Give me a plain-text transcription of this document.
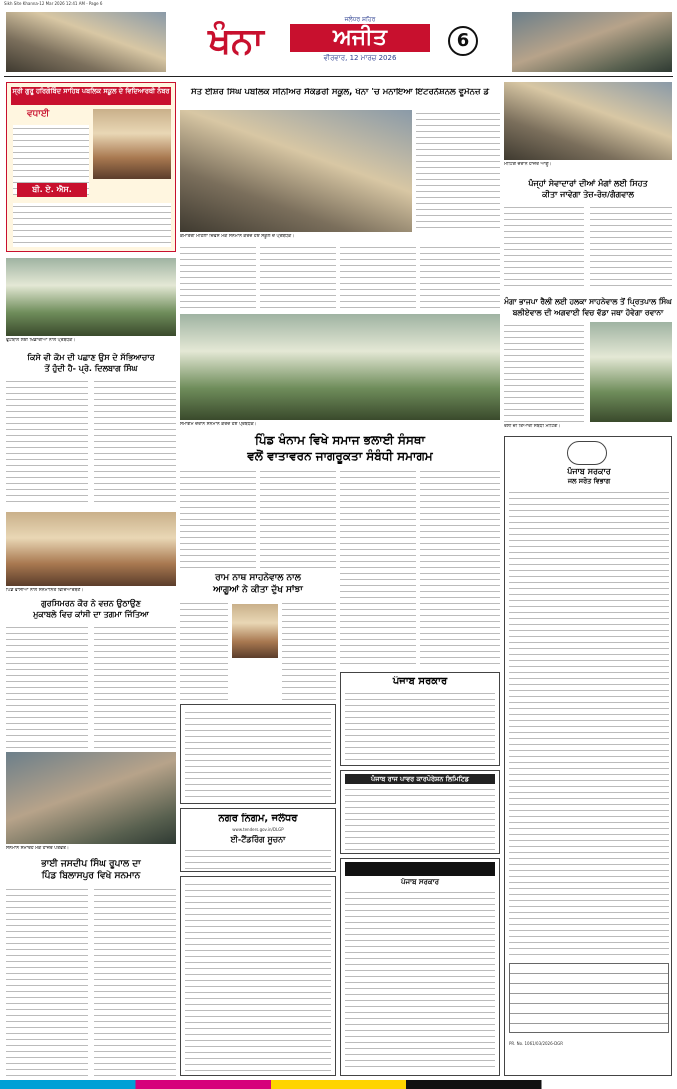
Sikh Site Khanna-12 Mar 2026 12:41 AM - Page 6
ਖੰਨਾ
ਜਲੰਧਰ ਸ਼ਹਿਰ
ਅਜੀਤ
ਵੀਰਵਾਰ, 12 ਮਾਰਚ 2026
6
ਸ੍ਰੀ ਗੁਰੂ ਹਰਿਗੋਬਿੰਦ ਸਾਹਿਬ ਪਬਲਿਕ ਸਕੂਲ ਦੇ ਵਿਦਿਆਰਥੀ ਨੰਬਰ
ਵਧਾਈ
ਬੀ. ਏ. ਐਸ.
ਫੁੱਟਬਾਲ ਲਈ ਖਿਡਾਰੀਆਂ ਨਾਲ ਪ੍ਰਬੰਧਕ।
ਕਿਸੇ ਵੀ ਕੌਮ ਦੀ ਪਛਾਣ ਉਸ ਦੇ ਸੱਭਿਆਚਾਰ
ਤੋਂ ਹੁੰਦੀ ਹੈ- ਪ੍ਰੋ. ਦਿਲਬਾਗ ਸਿੰਘ
ਪਿੰਡ ਵਾਸੀਆਂ ਨਾਲ ਸਨਮਾਨਿਤ ਵਿਦਿਆਰਥਣ।
ਗੁਰਸਿਮਰਨ ਕੌਰ ਨੇ ਵਜ਼ਨ ਉਠਾਉਣ
ਮੁਕਾਬਲੇ ਵਿਚ ਕਾਂਸੀ ਦਾ ਤਗਮਾ ਜਿੱਤਿਆ
ਸਨਮਾਨ ਸਮਾਰੋਹ ਮੌਕੇ ਹਾਜ਼ਰ ਪਤਵੰਤੇ।
ਭਾਈ ਜਸਦੀਪ ਸਿੰਘ ਰੂਪਾਲ ਦਾ
ਪਿੰਡ ਬਿਲਾਸਪੁਰ ਵਿਖੇ ਸਨਮਾਨ
ਸੰਤ ਈਸ਼ਰ ਸਿੰਘ ਪਬਲਿਕ ਸੀਨੀਅਰ ਸੈਕੰਡਰੀ ਸਕੂਲ, ਖੰਨਾ 'ਚ ਮਨਾਇਆ ਇੰਟਰਨੈਸ਼ਨਲ ਵੂਮੈਨਜ਼ ਡੇ
ਕੌਮਾਂਤਰੀ ਮਹਿਲਾ ਦਿਵਸ ਮੌਕੇ ਸਨਮਾਨ ਕਰਦੇ ਹੋਏ ਸਕੂਲ ਦੇ ਪ੍ਰਬੰਧਕ।
ਸਮਾਗਮ ਦੌਰਾਨ ਸਨਮਾਨ ਕਰਦੇ ਹੋਏ ਪ੍ਰਬੰਧਕ।
ਪਿੰਡ ਖੰਨਾਮ ਵਿਖੇ ਸਮਾਜ ਭਲਾਈ ਸੰਸਥਾ
ਵਲੋਂ ਵਾਤਾਵਰਨ ਜਾਗਰੂਕਤਾ ਸੰਬੰਧੀ ਸਮਾਗਮ
ਰਾਮ ਨਾਥ ਸਾਹਨੇਵਾਲ ਨਾਲ
ਆਗੂਆਂ ਨੇ ਕੀਤਾ ਦੁੱਖ ਸਾਂਝਾ
ਨਗਰ ਨਿਗਮ, ਜਲੰਧਰ
www.tenders.gov.in/DLGP
ਈ-ਟੈਂਡਰਿੰਗ ਸੂਚਨਾ
ਪੰਜਾਬ ਸਰਕਾਰ
ਪੰਜਾਬ ਰਾਜ ਪਾਵਰ ਕਾਰਪੋਰੇਸ਼ਨ ਲਿਮਿਟਿਡ
ਪੰਜਾਬ ਸਰਕਾਰ
ਮੀਟਿੰਗ ਦੌਰਾਨ ਹਾਜ਼ਰ ਆਗੂ।
ਪੰਜ੍ਹਾਂ ਸੇਵਾਦਾਰਾਂ ਦੀਆਂ ਮੰਗਾਂ ਲਈ ਸਿਹਤ
ਕੀਤਾ ਜਾਵੇਗਾ ਤੇਜ਼-ਰੋਜ਼/ਗੰਗਵਾਲ
ਮੰਗਾ ਭਾਜਪਾ ਰੈਲੀ ਲਈ ਹਲਕਾ ਸਾਹਨੇਵਾਲ ਤੋਂ ਪ੍ਰਿਤਪਾਲ ਸਿੰਘ
ਬਲੀਏਵਾਲ ਦੀ ਅਗਵਾਈ ਵਿਚ ਵੱਡਾ ਜਥਾ ਹੋਵੇਗਾ ਰਵਾਨਾ
ਰੈਲੀ ਦੀ ਤਿਆਰੀ ਸਬੰਧੀ ਮੀਟਿੰਗ।
ਪੰਜਾਬ ਸਰਕਾਰ
ਜਲ ਸਰੋਤ ਵਿਭਾਗ
PR. No. 1061/03/2026-DGR
